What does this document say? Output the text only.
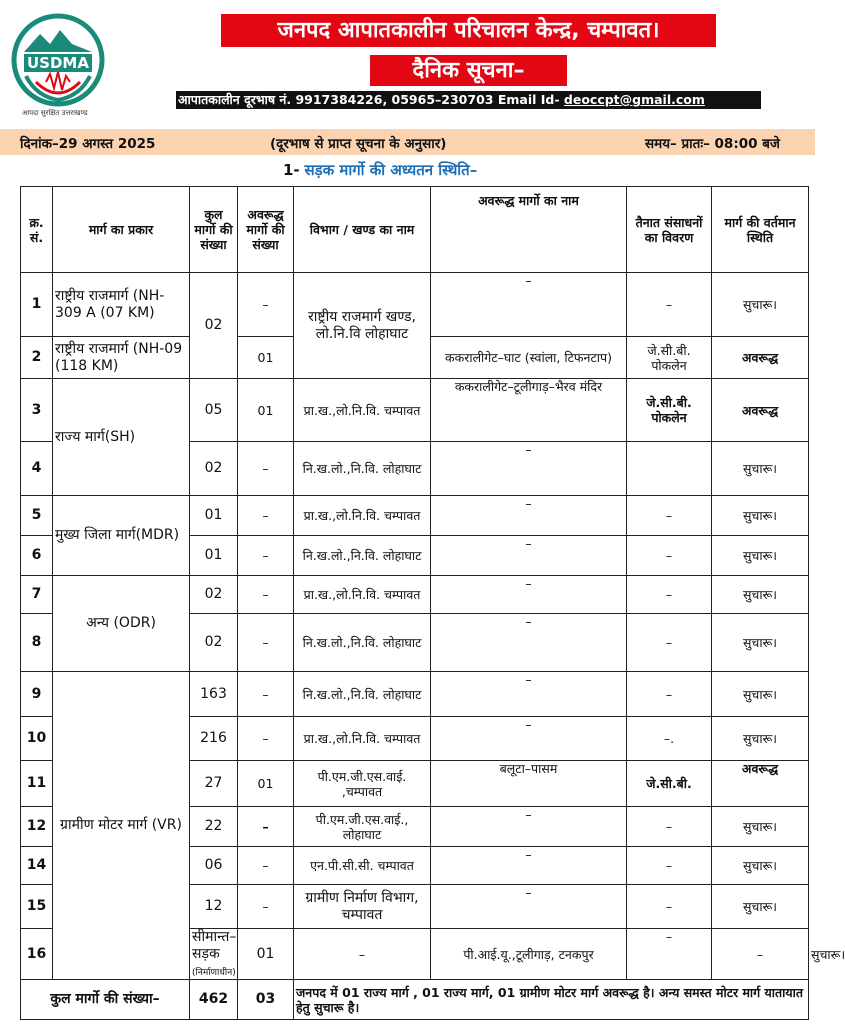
USDMA
आपदा सुरक्षित उत्तराखण्ड
जनपद आपातकालीन परिचालन केन्द्र, चम्पावत।
दैनिक सूचना–
आपातकालीन दूरभाष नं. 9917384226, 05965–230703 Email Id- deoccpt@gmail.com
दिनांक–29 अगस्त 2025	(दूरभाष से प्राप्त सूचना के अनुसार)	समय– प्रातः– 08:00 बजे
1- सड़क मार्गो की अध्यतन स्थिति–
क्र. सं.	मार्ग का प्रकार	कुल मार्गो की संख्या	अवरूद्ध मार्गो की संख्या	विभाग / खण्ड का नाम	अवरूद्ध मार्गो का नाम	तैनात संसाधनों का विवरण	मार्ग की वर्तमान स्थिति	
1	राष्ट्रीय राजमार्ग (NH-309 A (07 KM)	02	–	राष्ट्रीय राजमार्ग खण्ड, लो.नि.वि लोहाघाट	–	–	सुचारू।	
2	राष्ट्रीय राजमार्ग (NH-09 (118 KM)		01		ककरालीगेट–घाट (स्वांला, टिफनटाप)	जे.सी.बी. पोकलेन	अवरूद्ध	
3	राज्य मार्ग(SH)	05	01	प्रा.ख.,लो.नि.वि. चम्पावत	ककरालीगेट–टूलीगाड़–भैरव मंदिर	जे.सी.बी. पोकलेन	अवरूद्ध	
4		02	–	नि.ख.लो.,नि.वि. लोहाघाट	–		सुचारू।	
5	मुख्य जिला मार्ग(MDR)	01	–	प्रा.ख.,लो.नि.वि. चम्पावत	–	–	सुचारू।	
6		01	–	नि.ख.लो.,नि.वि. लोहाघाट	–	–	सुचारू।	
7	अन्य (ODR)	02	–	प्रा.ख.,लो.नि.वि. चम्पावत	–	–	सुचारू।	
8		02	–	नि.ख.लो.,नि.वि. लोहाघाट	–	–	सुचारू।	
9	ग्रामीण मोटर मार्ग (VR)	163	–	नि.ख.लो.,नि.वि. लोहाघाट	–	–	सुचारू।	
10		216	–	प्रा.ख.,लो.नि.वि. चम्पावत	–	–.	सुचारू।	
11		27	01	पी.एम.जी.एस.वाई. ,चम्पावत	बलूटा–पासम	जे.सी.बी.	अवरूद्ध	
12		22	–	पी.एम.जी.एस.वाई., लोहाघाट	–	–	सुचारू।	
14		06	–	एन.पी.सी.सी. चम्पावत	–	–	सुचारू।	
15		12	–	ग्रामीण निर्माण विभाग, चम्पावत	–	–	सुचारू।	
16		सीमान्त–सड़क
(निर्माणाधीन)	01	–	पी.आई.यू.,टूलीगाड़, टनकपुर	–	–	सुचारू।
कुल मार्गो की संख्या–		462	03	जनपद में 01 राज्य मार्ग , 01 राज्य मार्ग, 01 ग्रामीण मोटर मार्ग अवरूद्ध है। अन्य समस्त मोटर मार्ग यातायात हेतु सुचारू है।				
